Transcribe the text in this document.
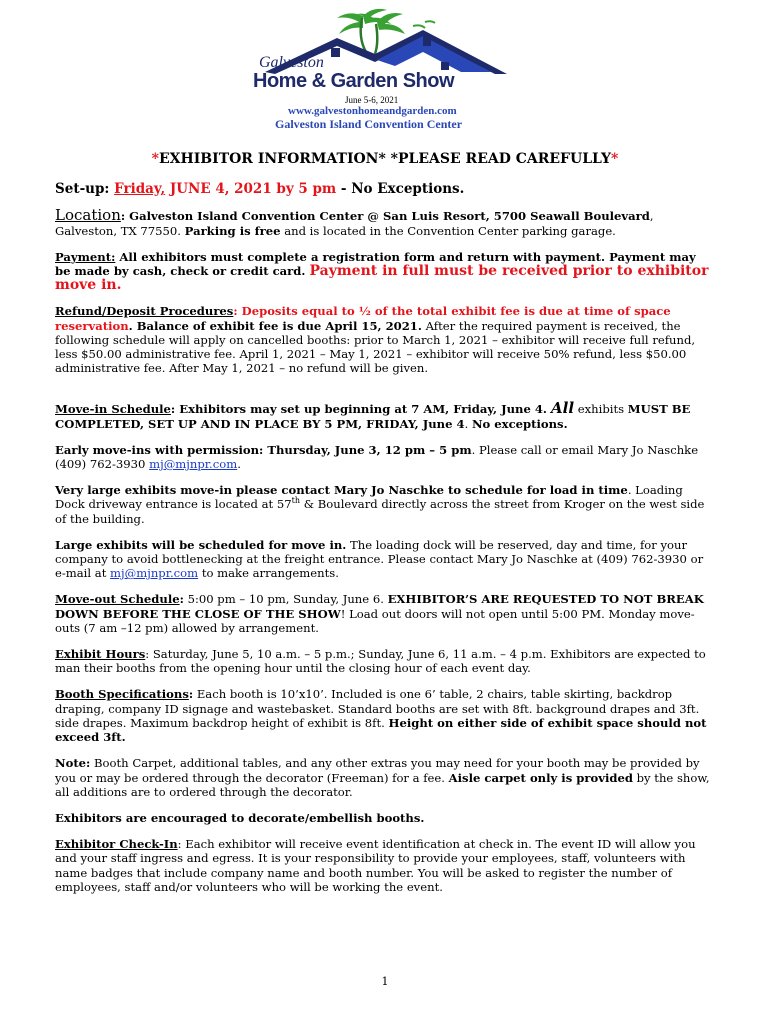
Galveston
Home & Garden Show
June 5-6, 2021
www.galvestonhomeandgarden.com
Galveston Island Convention Center
*EXHIBITOR INFORMATION* *PLEASE READ CAREFULLY*

Set-up: Friday, JUNE 4, 2021 by 5 pm - No Exceptions.

Location: Galveston Island Convention Center @ San Luis Resort, 5700 Seawall Boulevard, Galveston, TX 77550. Parking is free and is located in the Convention Center parking garage.

Payment: All exhibitors must complete a registration form and return with payment. Payment may be made by cash, check or credit card. Payment in full must be received prior to exhibitor move in.

Refund/Deposit Procedures: Deposits equal to ½ of the total exhibit fee is due at time of space reservation. Balance of exhibit fee is due April 15, 2021. After the required payment is received, the following schedule will apply on cancelled booths: prior to March 1, 2021 – exhibitor will receive full refund, less $50.00 administrative fee. April 1, 2021 – May 1, 2021 – exhibitor will receive 50% refund, less $50.00 administrative fee. After May 1, 2021 – no refund will be given.

Move-in Schedule: Exhibitors may set up beginning at 7 AM, Friday, June 4. All exhibits MUST BE COMPLETED, SET UP AND IN PLACE BY 5 PM, FRIDAY, June 4. No exceptions.

Early move-ins with permission: Thursday, June 3, 12 pm – 5 pm. Please call or email Mary Jo Naschke (409) 762-3930 mj@mjnpr.com.

Very large exhibits move-in please contact Mary Jo Naschke to schedule for load in time. Loading Dock driveway entrance is located at 57th & Boulevard directly across the street from Kroger on the west side of the building.

Large exhibits will be scheduled for move in. The loading dock will be reserved, day and time, for your company to avoid bottlenecking at the freight entrance. Please contact Mary Jo Naschke at (409) 762-3930 or e-mail at mj@mjnpr.com to make arrangements.

Move-out Schedule: 5:00 pm – 10 pm, Sunday, June 6. EXHIBITOR’S ARE REQUESTED TO NOT BREAK DOWN BEFORE THE CLOSE OF THE SHOW! Load out doors will not open until 5:00 PM. Monday move-outs (7 am –12 pm) allowed by arrangement.

Exhibit Hours: Saturday, June 5, 10 a.m. – 5 p.m.; Sunday, June 6, 11 a.m. – 4 p.m. Exhibitors are expected to man their booths from the opening hour until the closing hour of each event day.

Booth Specifications: Each booth is 10’x10’. Included is one 6’ table, 2 chairs, table skirting, backdrop draping, company ID signage and wastebasket. Standard booths are set with 8ft. background drapes and 3ft. side drapes. Maximum backdrop height of exhibit is 8ft. Height on either side of exhibit space should not exceed 3ft.

Note: Booth Carpet, additional tables, and any other extras you may need for your booth may be provided by you or may be ordered through the decorator (Freeman) for a fee. Aisle carpet only is provided by the show, all additions are to ordered through the decorator.

Exhibitors are encouraged to decorate/embellish booths.

Exhibitor Check-In: Each exhibitor will receive event identification at check in. The event ID will allow you and your staff ingress and egress. It is your responsibility to provide your employees, staff, volunteers with name badges that include company name and booth number. You will be asked to register the number of employees, staff and/or volunteers who will be working the event.

1
